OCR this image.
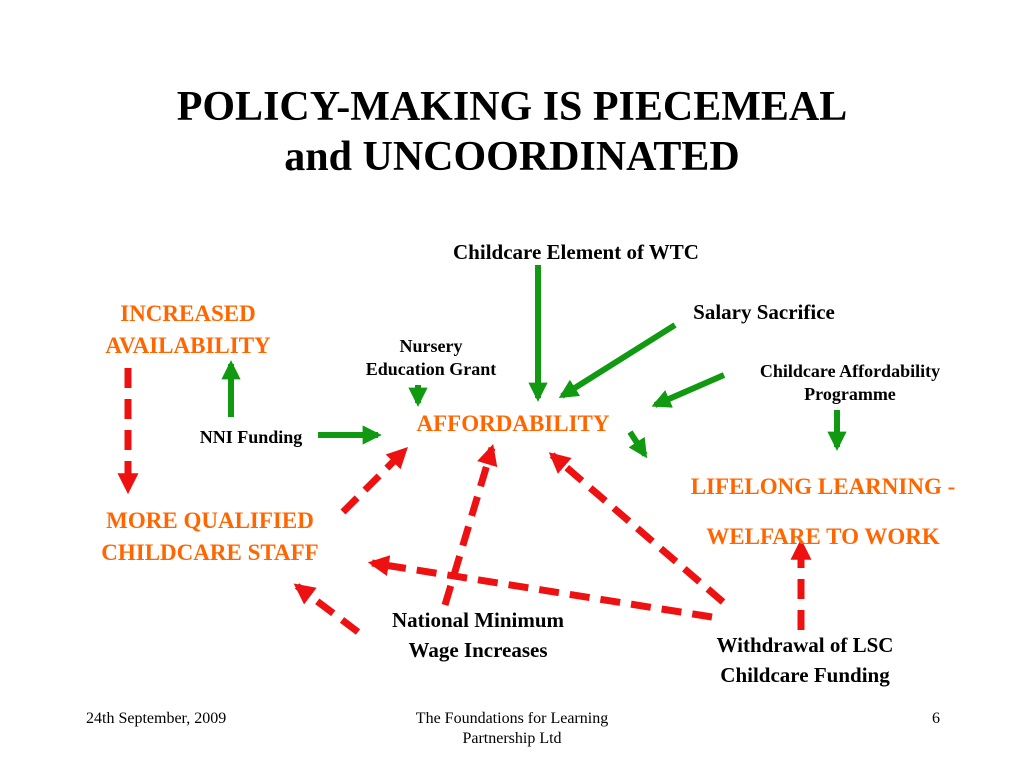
POLICY-MAKING IS PIECEMEAL
and UNCOORDINATED
Childcare Element of WTC
Salary Sacrifice
Nursery
Education Grant	Childcare Affordability
Programme
INCREASED
AVAILABILITY
NNI Funding
AFFORDABILITY
LIFELONG LEARNING -
WELFARE TO WORK
MORE QUALIFIED
CHILDCARE STAFF
National Minimum
Wage Increases	Withdrawal of LSC
Childcare Funding
24th September, 2009	The Foundations for Learning
Partnership Ltd
6
